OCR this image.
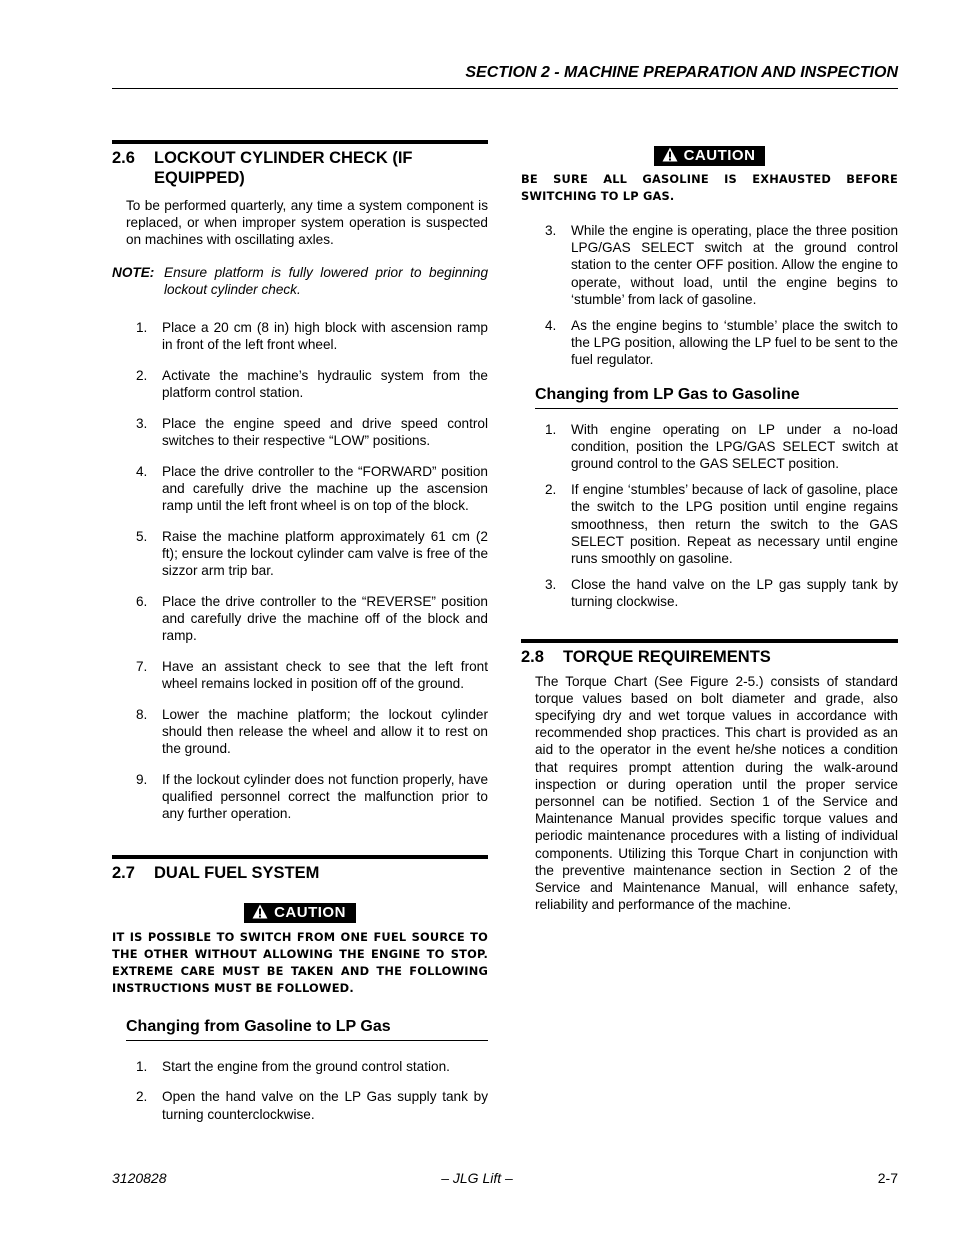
SECTION 2 - MACHINE PREPARATION AND INSPECTION
2.6	LOCKOUT CYLINDER CHECK (IF EQUIPPED)

To be performed quarterly, any time a system component is replaced, or when improper system operation is suspected on machines with oscillating axles.

NOTE: Ensure platform is fully lowered prior to beginning lockout cylinder check.
1.	Place a 20 cm (8 in) high block with ascension ramp in front of the left front wheel.
2.	Activate the machine’s hydraulic system from the platform control station.
3.	Place the engine speed and drive speed control switches to their respective “LOW” positions.
4.	Place the drive controller to the “FORWARD” position and carefully drive the machine up the ascension ramp until the left front wheel is on top of the block.
5.	Raise the machine platform approximately 61 cm (2 ft); ensure the lockout cylinder cam valve is free of the sizzor arm trip bar.
6.	Place the drive controller to the “REVERSE” position and carefully drive the machine off of the block and ramp.
7.	Have an assistant check to see that the left front wheel remains locked in position off of the ground.
8.	Lower the machine platform; the lockout cylinder should then release the wheel and allow it to rest on the ground.
9.	If the lockout cylinder does not function properly, have qualified personnel correct the malfunction prior to any further operation.
2.7	DUAL FUEL SYSTEM
CAUTION

IT IS POSSIBLE TO SWITCH FROM ONE FUEL SOURCE TO THE OTHER WITHOUT ALLOWING THE ENGINE TO STOP. EXTREME CARE MUST BE TAKEN AND THE FOLLOWING INSTRUCTIONS MUST BE FOLLOWED.

Changing from Gasoline to LP Gas
1.	Start the engine from the ground control station.
2.	Open the hand valve on the LP Gas supply tank by turning counterclockwise.
CAUTION

BE SURE ALL GASOLINE IS EXHAUSTED BEFORE SWITCHING TO LP GAS.

3.	While the engine is operating, place the three position LPG/GAS SELECT switch at the ground control station to the center OFF position. Allow the engine to operate, without load, until the engine begins to ‘stumble’ from lack of gasoline.
4.	As the engine begins to ‘stumble’ place the switch to the LPG position, allowing the LP fuel to be sent to the fuel regulator.
Changing from LP Gas to Gasoline
1.	With engine operating on LP under a no-load condition, position the LPG/GAS SELECT switch at ground control to the GAS SELECT position.
2.	If engine ‘stumbles’ because of lack of gasoline, place the switch to the LPG position until engine regains smoothness, then return the switch to the GAS SELECT position. Repeat as necessary until engine runs smoothly on gasoline.
3.	Close the hand valve on the LP gas supply tank by turning clockwise.
2.8	TORQUE REQUIREMENTS

The Torque Chart (See Figure 2-5.) consists of standard torque values based on bolt diameter and grade, also specifying dry and wet torque values in accordance with recommended shop practices. This chart is provided as an aid to the operator in the event he/she notices a condition that requires prompt attention during the walk-around inspection or during operation until the proper service personnel can be notified. Section 1 of the Service and Maintenance Manual provides specific torque values and periodic maintenance procedures with a listing of individual components. Utilizing this Torque Chart in conjunction with the preventive maintenance section in Section 2 of the Service and Maintenance Manual, will enhance safety, reliability and performance of the machine.

3120828	– JLG Lift –	2-7
